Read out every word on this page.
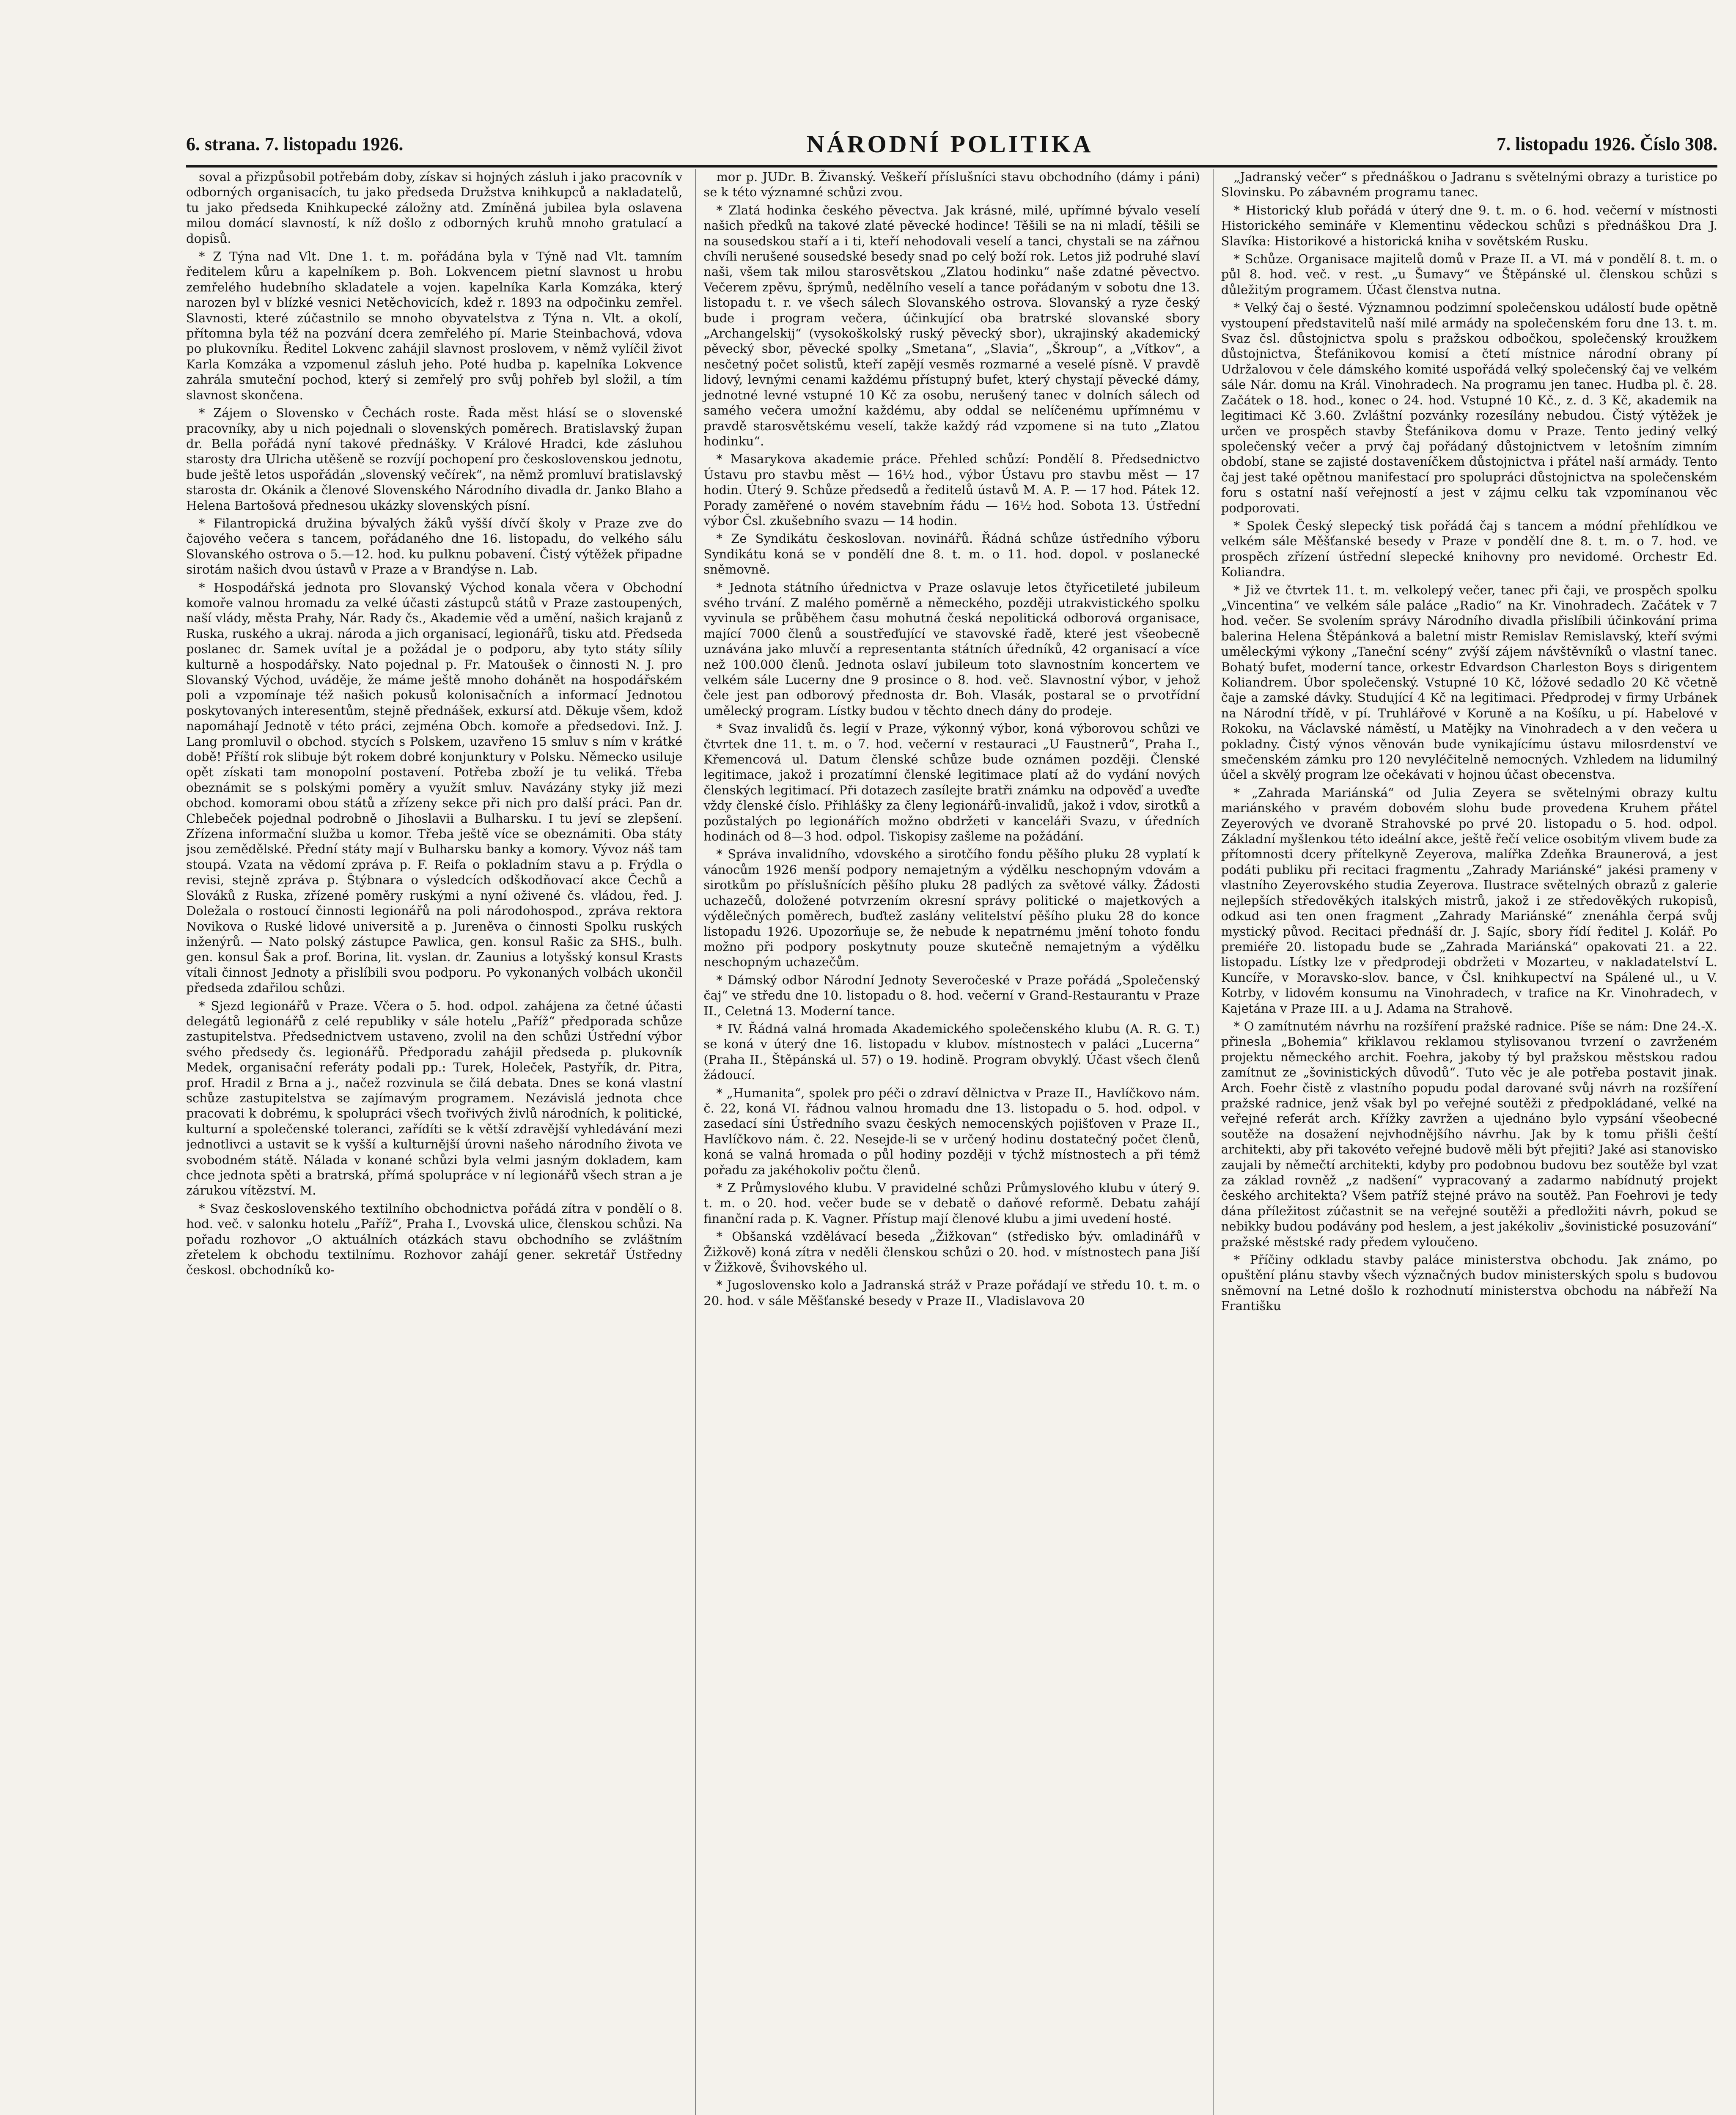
6. strana. 7. listopadu 1926.	NÁRODNÍ POLITIKA	7. listopadu 1926. Číslo 308.

soval a přizpůsobil potřebám doby, získav si hojných zásluh i jako pracovník v odborných organisacích, tu jako předseda Družstva knihkupců a nakladatelů, tu jako předseda Knihkupecké záložny atd. Zmíněná jubilea byla oslavena milou domácí slavností, k níž došlo z odborných kruhů mnoho gratulací a dopisů.

* Z Týna nad Vlt. Dne 1. t. m. pořádána byla v Týně nad Vlt. tamním ředitelem kůru a kapelníkem p. Boh. Lokvencem pietní slavnost u hrobu zemřelého hudebního skladatele a vojen. kapelníka Karla Komzáka, který narozen byl v blízké vesnici Netěchovicích, kdež r. 1893 na odpočinku zemřel. Slavnosti, které zúčastnilo se mnoho obyvatelstva z Týna n. Vlt. a okolí, přítomna byla též na pozvání dcera zemřelého pí. Marie Steinbachová, vdova po plukovníku. Ředitel Lokvenc zahájil slavnost proslovem, v němž vylíčil život Karla Komzáka a vzpomenul zásluh jeho. Poté hudba p. kapelníka Lokvence zahrála smuteční pochod, který si zemřelý pro svůj pohřeb byl složil, a tím slavnost skončena.

* Zájem o Slovensko v Čechách roste. Řada měst hlásí se o slovenské pracovníky, aby u nich pojednali o slovenských poměrech. Bratislavský župan dr. Bella pořádá nyní takové přednášky. V Králové Hradci, kde zásluhou starosty dra Ulricha utěšeně se rozvíjí pochopení pro československou jednotu, bude ještě letos uspořádán „slovenský večírek“, na němž promluví bratislavský starosta dr. Okánik a členové Slovenského Národního divadla dr. Janko Blaho a Helena Bartošová přednesou ukázky slovenských písní.

* Filantropická družina bývalých žáků vyšší dívčí školy v Praze zve do čajového večera s tancem, pořádaného dne 16. listopadu, do velkého sálu Slovanského ostrova o 5.—12. hod. ku pulknu pobavení. Čistý výtěžek připadne sirotám našich dvou ústavů v Praze a v Brandýse n. Lab.

* Hospodářská jednota pro Slovanský Východ konala včera v Obchodní komoře valnou hromadu za velké účasti zástupců států v Praze zastoupených, naší vlády, města Prahy, Nár. Rady čs., Akademie věd a umění, našich krajanů z Ruska, ruského a ukraj. národa a jich organisací, legionářů, tisku atd. Předseda poslanec dr. Samek uvítal je a požádal je o podporu, aby tyto státy sílily kulturně a hospodářsky. Nato pojednal p. Fr. Matoušek o činnosti N. J. pro Slovanský Východ, uváděje, že máme ještě mnoho dohánět na hospodářském poli a vzpomínaje též našich pokusů kolonisačních a informací Jednotou poskytovaných interesentům, stejně přednášek, exkursí atd. Děkuje všem, kdož napomáhají Jednotě v této práci, zejména Obch. komoře a předsedovi. Inž. J. Lang promluvil o obchod. stycích s Polskem, uzavřeno 15 smluv s ním v krátké době! Příští rok slibuje být rokem dobré konjunktury v Polsku. Německo usiluje opět získati tam monopolní postavení. Potřeba zboží je tu veliká. Třeba obeznámit se s polskými poměry a využít smluv. Navázány styky již mezi obchod. komorami obou států a zřízeny sekce při nich pro další práci. Pan dr. Chlebeček pojednal podrobně o Jihoslavii a Bulharsku. I tu jeví se zlepšení. Zřízena informační služba u komor. Třeba ještě více se obeznámiti. Oba státy jsou zemědělské. Přední státy mají v Bulharsku banky a komory. Vývoz náš tam stoupá. Vzata na vědomí zpráva p. F. Reifa o pokladním stavu a p. Frýdla o revisi, stejně zpráva p. Štýbnara o výsledcích odškodňovací akce Čechů a Slováků z Ruska, zřízené poměry ruskými a nyní oživené čs. vládou, řed. J. Doležala o rostoucí činnosti legionářů na poli národohospod., zpráva rektora Novikova o Ruské lidové universitě a p. Jureněva o činnosti Spolku ruských inženýrů. — Nato polský zástupce Pawlica, gen. konsul Rašic za SHS., bulh. gen. konsul Šak a prof. Borina, lit. vyslan. dr. Zaunius a lotyšský konsul Krasts vítali činnost Jednoty a přislíbili svou podporu. Po vykonaných volbách ukončil předseda zdařilou schůzi.

* Sjezd legionářů v Praze. Včera o 5. hod. odpol. zahájena za četné účasti delegátů legionářů z celé republiky v sále hotelu „Paříž“ předporada schůze zastupitelstva. Předsednictvem ustaveno, zvolil na den schůzi Ústřední výbor svého předsedy čs. legionářů. Předporadu zahájil předseda p. plukovník Medek, organisační referáty podali pp.: Turek, Holeček, Pastyřík, dr. Pitra, prof. Hradil z Brna a j., načež rozvinula se čilá debata. Dnes se koná vlastní schůze zastupitelstva se zajímavým programem. Nezávislá jednota chce pracovati k dobrému, k spolupráci všech tvořivých živlů národních, k politické, kulturní a společenské toleranci, zařídíti se k větší zdravější vyhledávání mezi jednotlivci a ustavit se k vyšší a kulturnější úrovni našeho národního života ve svobodném státě. Nálada v konané schůzi byla velmi jasným dokladem, kam chce jednota spěti a bratrská, přímá spolupráce v ní legionářů všech stran a je zárukou vítězství. M.

* Svaz československého textilního obchodnictva pořádá zítra v pondělí o 8. hod. več. v salonku hotelu „Paříž“, Praha I., Lvovská ulice, členskou schůzi. Na pořadu rozhovor „O aktuálních otázkách stavu obchodního se zvláštním zřetelem k obchodu textilnímu. Rozhovor zahájí gener. sekretář Ústředny českosl. obchodníků ko-

mor p. JUDr. B. Živanský. Veškeří příslušníci stavu obchodního (dámy i páni) se k této významné schůzi zvou.

* Zlatá hodinka českého pěvectva. Jak krásné, milé, upřímné bývalo veselí našich předků na takové zlaté pěvecké hodince! Těšili se na ni mladí, těšili se na sousedskou staří a i ti, kteří nehodovali veselí a tanci, chystali se na zářnou chvíli nerušené sousedské besedy snad po celý boží rok. Letos již podruhé slaví naši, všem tak milou starosvětskou „Zlatou hodinku“ naše zdatné pěvectvo. Večerem zpěvu, šprýmů, nedělního veselí a tance pořádaným v sobotu dne 13. listopadu t. r. ve všech sálech Slovanského ostrova. Slovanský a ryze český bude i program večera, účinkující oba bratrské slovanské sbory „Archangelskij“ (vysokoškolský ruský pěvecký sbor), ukrajinský akademický pěvecký sbor, pěvecké spolky „Smetana“, „Slavia“, „Škroup“, a „Vítkov“, a nesčetný počet solistů, kteří zapějí vesměs rozmarné a veselé písně. V pravdě lidový, levnými cenami každému přístupný bufet, který chystají pěvecké dámy, jednotné levné vstupné 10 Kč za osobu, nerušený tanec v dolních sálech od samého večera umožní každému, aby oddal se nelíčenému upřímnému v pravdě starosvětskému veselí, takže každý rád vzpomene si na tuto „Zlatou hodinku“.

* Masarykova akademie práce. Přehled schůzí: Pondělí 8. Předsednictvo Ústavu pro stavbu měst — 16½ hod., výbor Ústavu pro stavbu měst — 17 hodin. Úterý 9. Schůze předsedů a ředitelů ústavů M. A. P. — 17 hod. Pátek 12. Porady zaměřené o novém stavebním řádu — 16½ hod. Sobota 13. Ústřední výbor Čsl. zkušebního svazu — 14 hodin.

* Ze Syndikátu českoslovan. novinářů. Řádná schůze ústředního výboru Syndikátu koná se v pondělí dne 8. t. m. o 11. hod. dopol. v poslanecké sněmovně.

* Jednota státního úřednictva v Praze oslavuje letos čtyřicetileté jubileum svého trvání. Z malého poměrně a německého, později utrakvistického spolku vyvinula se průběhem času mohutná česká nepolitická odborová organisace, mající 7000 členů a soustřeďující ve stavovské řadě, které jest všeobecně uznávána jako mluvčí a representanta státních úředníků, 42 organisací a více než 100.000 členů. Jednota oslaví jubileum toto slavnostním koncertem ve velkém sále Lucerny dne 9 prosince o 8. hod. več. Slavnostní výbor, v jehož čele jest pan odborový přednosta dr. Boh. Vlasák, postaral se o prvotřídní umělecký program. Lístky budou v těchto dnech dány do prodeje.

* Svaz invalidů čs. legií v Praze, výkonný výbor, koná výborovou schůzi ve čtvrtek dne 11. t. m. o 7. hod. večerní v restauraci „U Faustnerů“, Praha I., Křemencová ul. Datum členské schůze bude oznámen později. Členské legitimace, jakož i prozatímní členské legitimace platí až do vydání nových členských legitimací. Při dotazech zasílejte bratři známku na odpověď a uveďte vždy členské číslo. Přihlášky za členy legionářů-invalidů, jakož i vdov, sirotků a pozůstalých po legionářích možno obdržeti v kanceláři Svazu, v úředních hodinách od 8—3 hod. odpol. Tiskopisy zašleme na požádání.

* Správa invalidního, vdovského a sirotčího fondu pěšího pluku 28 vyplatí k vánocům 1926 menší podpory nemajetným a výdělku neschopným vdovám a sirotkům po příslušnících pěšího pluku 28 padlých za světové války. Žádosti uchazečů, doložené potvrzením okresní správy politické o majetkových a výdělečných poměrech, buďtež zaslány velitelství pěšího pluku 28 do konce listopadu 1926. Upozorňuje se, že nebude k nepatrnému jmění tohoto fondu možno při podpory poskytnuty pouze skutečně nemajetným a výdělku neschopným uchazečům.

* Dámský odbor Národní Jednoty Severočeské v Praze pořádá „Společenský čaj“ ve středu dne 10. listopadu o 8. hod. večerní v Grand-Restaurantu v Praze II., Celetná 13. Moderní tance.

* IV. Řádná valná hromada Akademického společenského klubu (A. R. G. T.) se koná v úterý dne 16. listopadu v klubov. místnostech v paláci „Lucerna“ (Praha II., Štěpánská ul. 57) o 19. hodině. Program obvyklý. Účast všech členů žádoucí.

* „Humanita“, spolek pro péči o zdraví dělnictva v Praze II., Havlíčkovo nám. č. 22, koná VI. řádnou valnou hromadu dne 13. listopadu o 5. hod. odpol. v zasedací síni Ústředního svazu českých nemocenských pojišťoven v Praze II., Havlíčkovo nám. č. 22. Nesejde-li se v určený hodinu dostatečný počet členů, koná se valná hromada o půl hodiny později v týchž místnostech a při témž pořadu za jakéhokoliv počtu členů.

* Z Průmyslového klubu. V pravidelné schůzi Průmyslového klubu v úterý 9. t. m. o 20. hod. večer bude se v debatě o daňové reformě. Debatu zahájí finanční rada p. K. Vagner. Přístup mají členové klubu a jimi uvedení hosté.

* Obšanská vzdělávací beseda „Žižkovan“ (středisko býv. omladinářů v Žižkově) koná zítra v neděli členskou schůzi o 20. hod. v místnostech pana Jiší v Žižkově, Švihovského ul.

* Jugoslovensko kolo a Jadranská stráž v Praze pořádají ve středu 10. t. m. o 20. hod. v sále Měšťanské besedy v Praze II., Vladislavova 20

„Jadranský večer“ s přednáškou o Jadranu s světelnými obrazy a turistice po Slovinsku. Po zábavném programu tanec.

* Historický klub pořádá v úterý dne 9. t. m. o 6. hod. večerní v místnosti Historického semináře v Klementinu vědeckou schůzi s přednáškou Dra J. Slavíka: Historikové a historická kniha v sovětském Rusku.

* Schůze. Organisace majitelů domů v Praze II. a VI. má v pondělí 8. t. m. o půl 8. hod. več. v rest. „u Šumavy“ ve Štěpánské ul. členskou schůzi s důležitým programem. Účast členstva nutna.

* Velký čaj o šesté. Významnou podzimní společenskou událostí bude opětně vystoupení představitelů naší milé armády na společenském foru dne 13. t. m. Svaz čsl. důstojnictva spolu s pražskou odbočkou, společenský kroužkem důstojnictva, Štefánikovou komisí a čtetí místnice národní obrany pí Udržalovou v čele dámského komité uspořádá velký společenský čaj ve velkém sále Nár. domu na Král. Vinohradech. Na programu jen tanec. Hudba pl. č. 28. Začátek o 18. hod., konec o 24. hod. Vstupné 10 Kč., z. d. 3 Kč, akademik na legitimaci Kč 3.60. Zvláštní pozvánky rozesílány nebudou. Čistý výtěžek je určen ve prospěch stavby Štefánikova domu v Praze. Tento jediný velký společenský večer a prvý čaj pořádaný důstojnictvem v letošním zimním období, stane se zajisté dostaveníčkem důstojnictva i přátel naší armády. Tento čaj jest také opětnou manifestací pro spolupráci důstojnictva na společenském foru s ostatní naší veřejností a jest v zájmu celku tak vzpomínanou věc podporovati.

* Spolek Český slepecký tisk pořádá čaj s tancem a módní přehlídkou ve velkém sále Měšťanské besedy v Praze v pondělí dne 8. t. m. o 7. hod. ve prospěch zřízení ústřední slepecké knihovny pro nevidomé. Orchestr Ed. Koliandra.

* Již ve čtvrtek 11. t. m. velkolepý večer, tanec při čaji, ve prospěch spolku „Vincentina“ ve velkém sále paláce „Radio“ na Kr. Vinohradech. Začátek v 7 hod. večer. Se svolením správy Národního divadla přislíbili účinkování prima balerina Helena Štěpánková a baletní mistr Remislav Remislavský, kteří svými uměleckými výkony „Taneční scény“ zvýší zájem návštěvníků o vlastní tanec. Bohatý bufet, moderní tance, orkestr Edvardson Charleston Boys s dirigentem Koliandrem. Úbor společenský. Vstupné 10 Kč, lóžové sedadlo 20 Kč včetně čaje a zamské dávky. Studující 4 Kč na legitimaci. Předprodej v firmy Urbánek na Národní třídě, v pí. Truhlářové v Koruně a na Košíku, u pí. Habelové v Rokoku, na Václavské náměstí, u Matějky na Vinohradech a v den večera u pokladny. Čistý výnos věnován bude vynikajícímu ústavu milosrdenství ve smečenském zámku pro 120 nevyléčitelně nemocných. Vzhledem na lidumilný účel a skvělý program lze očekávati v hojnou účast obecenstva.

* „Zahrada Mariánská“ od Julia Zeyera se světelnými obrazy kultu mariánského v pravém dobovém slohu bude provedena Kruhem přátel Zeyerových ve dvoraně Strahovské po prvé 20. listopadu o 5. hod. odpol. Základní myšlenkou této ideální akce, ještě řečí velice osobitým vlivem bude za přítomnosti dcery přítelkyně Zeyerova, malířka Zdeňka Braunerová, a jest podáti publiku při recitaci fragmentu „Zahrady Mariánské“ jakési prameny v vlastního Zeyerovského studia Zeyerova. Ilustrace světelných obrazů z galerie nejlepších středověkých italských mistrů, jakož i ze středověkých rukopisů, odkud asi ten onen fragment „Zahrady Mariánské“ znenáhla čerpá svůj mystický původ. Recitaci přednáší dr. J. Sajíc, sbory řídí ředitel J. Kolář. Po premiéře 20. listopadu bude se „Zahrada Mariánská“ opakovati 21. a 22. listopadu. Lístky lze v předprodeji obdržeti v Mozarteu, v nakladatelství L. Kuncíře, v Moravsko-slov. bance, v Čsl. knihkupectví na Spálené ul., u V. Kotrby, v lidovém konsumu na Vinohradech, v trafice na Kr. Vinohradech, v Kajetána v Praze III. a u J. Adama na Strahově.

* O zamítnutém návrhu na rozšíření pražské radnice. Píše se nám: Dne 24.-X. přinesla „Bohemia“ křiklavou reklamou stylisovanou tvrzení o zavrženém projektu německého archit. Foehra, jakoby tý byl pražskou městskou radou zamítnut ze „šovinistických důvodů“. Tuto věc je ale potřeba postavit jinak. Arch. Foehr čistě z vlastního popudu podal darované svůj návrh na rozšíření pražské radnice, jenž však byl po veřejné soutěži z předpokládané, velké na veřejné referát arch. Křížky zavržen a ujednáno bylo vypsání všeobecné soutěže na dosažení nejvhodnějšího návrhu. Jak by k tomu přišli čeští architekti, aby při takovéto veřejné budově měli být přejiti? Jaké asi stanovisko zaujali by němečtí architekti, kdyby pro podobnou budovu bez soutěže byl vzat za základ rovněž „z nadšení“ vypracovaný a zadarmo nabídnutý projekt českého architekta? Všem patříž stejné právo na soutěž. Pan Foehrovi je tedy dána příležitost zúčastnit se na veřejné soutěži a předložiti návrh, pokud se nebikky budou podávány pod heslem, a jest jakékoliv „šovinistické posuzování“ pražské městské rady předem vyloučeno.

* Příčiny odkladu stavby paláce ministerstva obchodu. Jak známo, po opuštění plánu stavby všech význačných budov ministerských spolu s budovou sněmovní na Letné došlo k rozhodnutí ministerstva obchodu na nábřeží Na Františku
